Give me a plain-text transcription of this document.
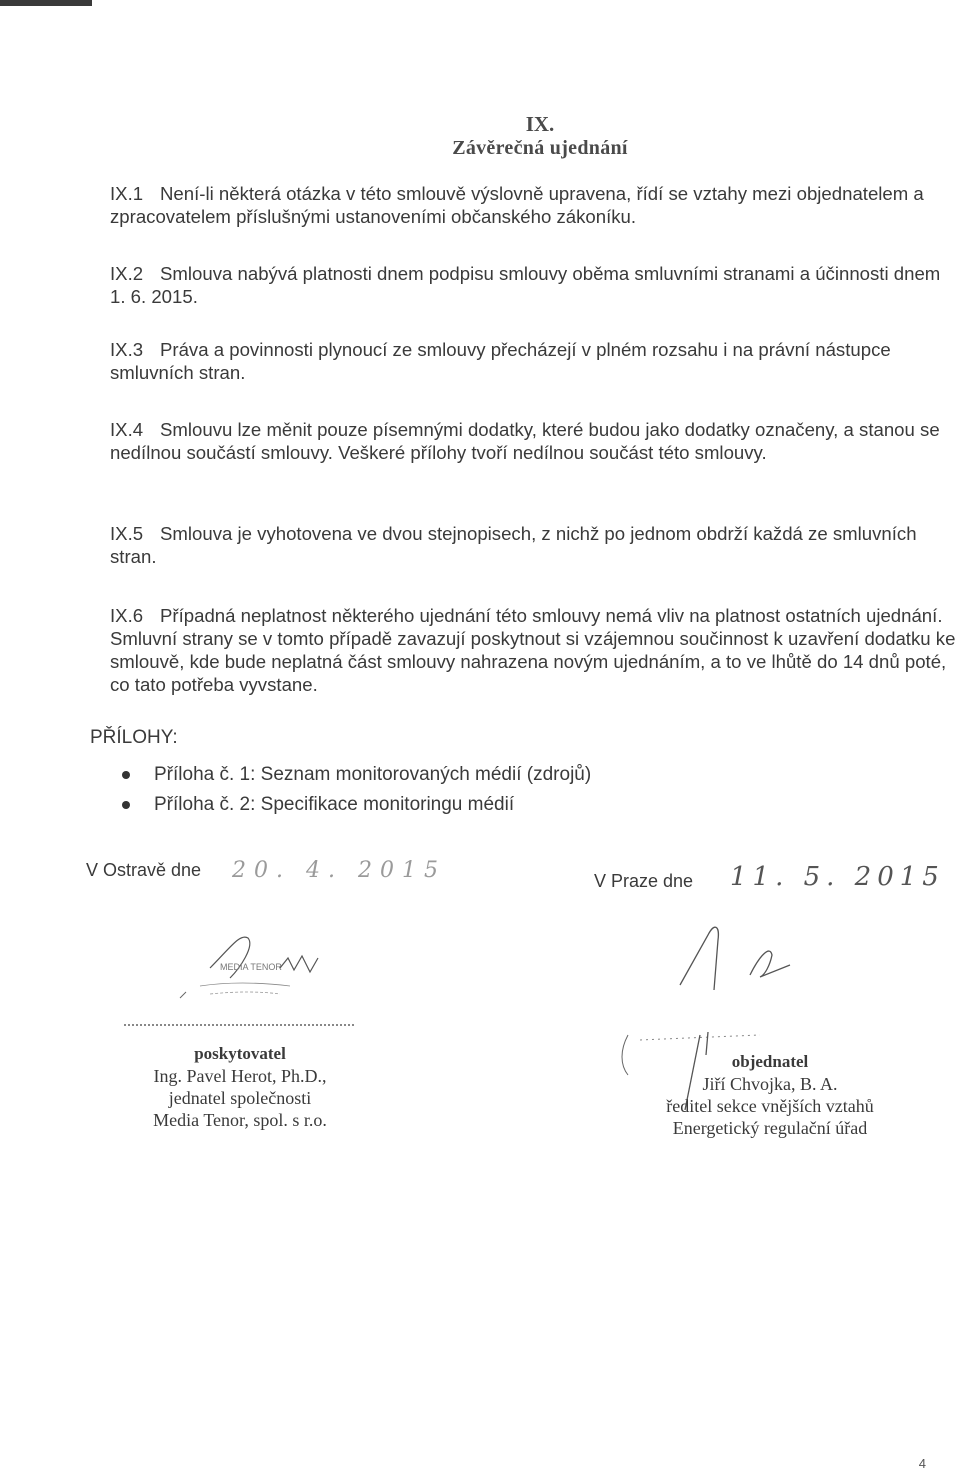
IX.
Závěrečná ujednání
IX.1 Není-li některá otázka v této smlouvě výslovně upravena, řídí se vztahy mezi objednatelem a zpracovatelem příslušnými ustanoveními občanského zákoníku.
IX.2 Smlouva nabývá platnosti dnem podpisu smlouvy oběma smluvními stranami a účinnosti dnem 1. 6. 2015.
IX.3 Práva a povinnosti plynoucí ze smlouvy přecházejí v plném rozsahu i na právní nástupce smluvních stran.
IX.4 Smlouvu lze měnit pouze písemnými dodatky, které budou jako dodatky označeny, a stanou se nedílnou součástí smlouvy. Veškeré přílohy tvoří nedílnou součást této smlouvy.
IX.5 Smlouva je vyhotovena ve dvou stejnopisech, z nichž po jednom obdrží každá ze smluvních stran.
IX.6 Případná neplatnost některého ujednání této smlouvy nemá vliv na platnost ostatních ujednání. Smluvní strany se v tomto případě zavazují poskytnout si vzájemnou součinnost k uzavření dodatku ke smlouvě, kde bude neplatná část smlouvy nahrazena novým ujednáním, a to ve lhůtě do 14 dnů poté, co tato potřeba vyvstane.
PŘÍLOHY:
Příloha č. 1: Seznam monitorovaných médií (zdrojů)
Příloha č. 2: Specifikace monitoringu médií
V Ostravě dne 20. 4. 2015	V Praze dne 11. 5. 2015
MEDIA TENOR
poskytovatel
Ing. Pavel Herot, Ph.D.,
jednatel společnosti
Media Tenor, spol. s r.o.
objednatel
Jiří Chvojka, B. A.
ředitel sekce vnějších vztahů
Energetický regulační úřad
4
